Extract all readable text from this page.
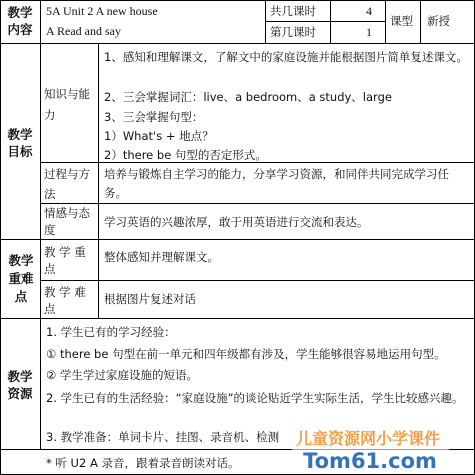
教学内容
5A Unit 2 A new house
A Read and say
共几课时	4
第几课时	1
课型 新授
教学目标
知识与能力
1、感知和理解课文，了解文中的家庭设施并能根据图片简单复述课文。
2、三会掌握词汇：live、a bedroom、a study、large
3、三会掌握句型：
1）What's + 地点？
2）there be 句型的否定形式。
过程与方法
培养与锻炼自主学习的能力，分享学习资源，和同伴共同完成学习任务。
情感与态度
学习英语的兴趣浓厚，敢于用英语进行交流和表达。
教学重难点
教 学 重 点
整体感知并理解课文。
教 学 难 点
根据图片复述对话
教学资源
1. 学生已有的学习经验：
① there be 句型在前一单元和四年级都有涉及，学生能够很容易地运用句型。
② 学生学过家庭设施的短语。
2. 学生已有的生活经验：“家庭设施”的谈论贴近学生实际生活，学生比较感兴趣。
3. 教学准备：单词卡片、挂图、录音机、检测
* 听 U2 A 录音，跟着录音朗读对话。
儿童资源网小学课件
Tom61.com
